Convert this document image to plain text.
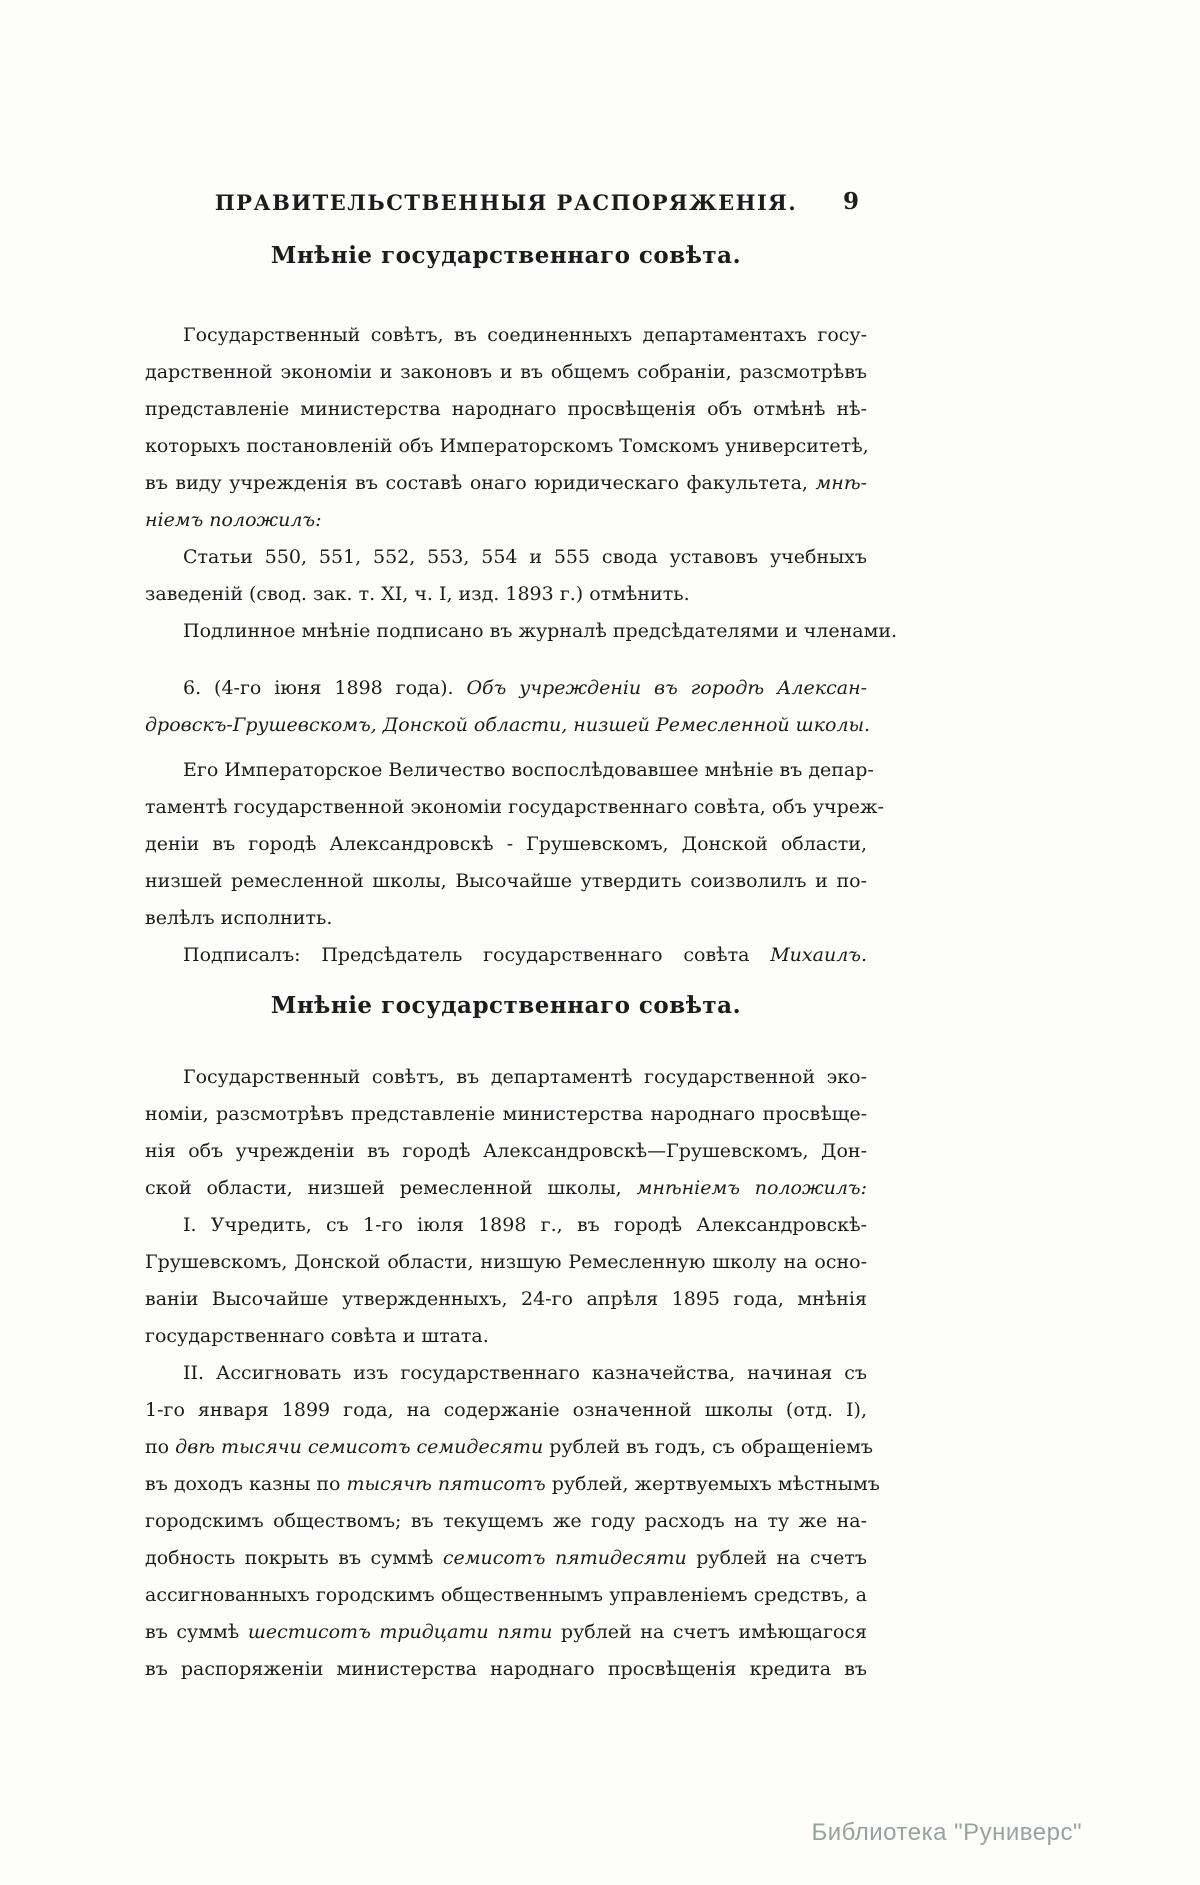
ПРАВИТЕЛЬСТВЕННЫЯ РАСПОРЯЖЕНІЯ. 9
Мнѣніе государственнаго совѣта.
Государственный совѣтъ, въ соединенныхъ департаментахъ госу-
дарственной экономіи и законовъ и въ общемъ собраніи, разсмотрѣвъ
представленіе министерства народнаго просвѣщенія объ отмѣнѣ нѣ-
которыхъ постановленій объ Императорскомъ Томскомъ университетѣ,
въ виду учрежденія въ составѣ онаго юридическаго факультета, мнѣ-
ніемъ положилъ:
Статьи 550, 551, 552, 553, 554 и 555 свода уставовъ учебныхъ
заведеній (свод. зак. т. XI, ч. I, изд. 1893 г.) отмѣнить.
Подлинное мнѣніе подписано въ журналѣ предсѣдателями и членами.
6. (4-го іюня 1898 года). Объ учрежденіи въ городѣ Алексан-
дровскъ-Грушевскомъ, Донской области, низшей Ремесленной школы.
Его Императорское Величество воспослѣдовавшее мнѣніе въ депар-
таментѣ государственной экономіи государственнаго совѣта, объ учреж-
деніи въ городѣ Александровскѣ - Грушевскомъ, Донской области,
низшей ремесленной школы, Высочайше утвердить соизволилъ и по-
велѣлъ исполнить.
Подписалъ: Предсѣдатель государственнаго совѣта Михаилъ.
Мнѣніе государственнаго совѣта.
Государственный совѣтъ, въ департаментѣ государственной эко-
номіи, разсмотрѣвъ представленіе министерства народнаго просвѣще-
нія объ учрежденіи въ городѣ Александровскѣ—Грушевскомъ, Дон-
ской области, низшей ремесленной школы, мнѣніемъ положилъ:
I. Учредить, съ 1-го іюля 1898 г., въ городѣ Александровскѣ-
Грушевскомъ, Донской области, низшую Ремесленную школу на осно-
ваніи Высочайше утвержденныхъ, 24-го апрѣля 1895 года, мнѣнія
государственнаго совѣта и штата.
II. Ассигновать изъ государственнаго казначейства, начиная съ
1-го января 1899 года, на содержаніе означенной школы (отд. I),
по двѣ тысячи семисотъ семидесяти рублей въ годъ, съ обращеніемъ
въ доходъ казны по тысячѣ пятисотъ рублей, жертвуемыхъ мѣстнымъ
городскимъ обществомъ; въ текущемъ же году расходъ на ту же на-
добность покрыть въ суммѣ семисотъ пятидесяти рублей на счетъ
ассигнованныхъ городскимъ общественнымъ управленіемъ средствъ, а
въ суммѣ шестисотъ тридцати пяти рублей на счетъ имѣющагося
въ распоряженіи министерства народнаго просвѣщенія кредита въ
Библиотека "Руниверс"
